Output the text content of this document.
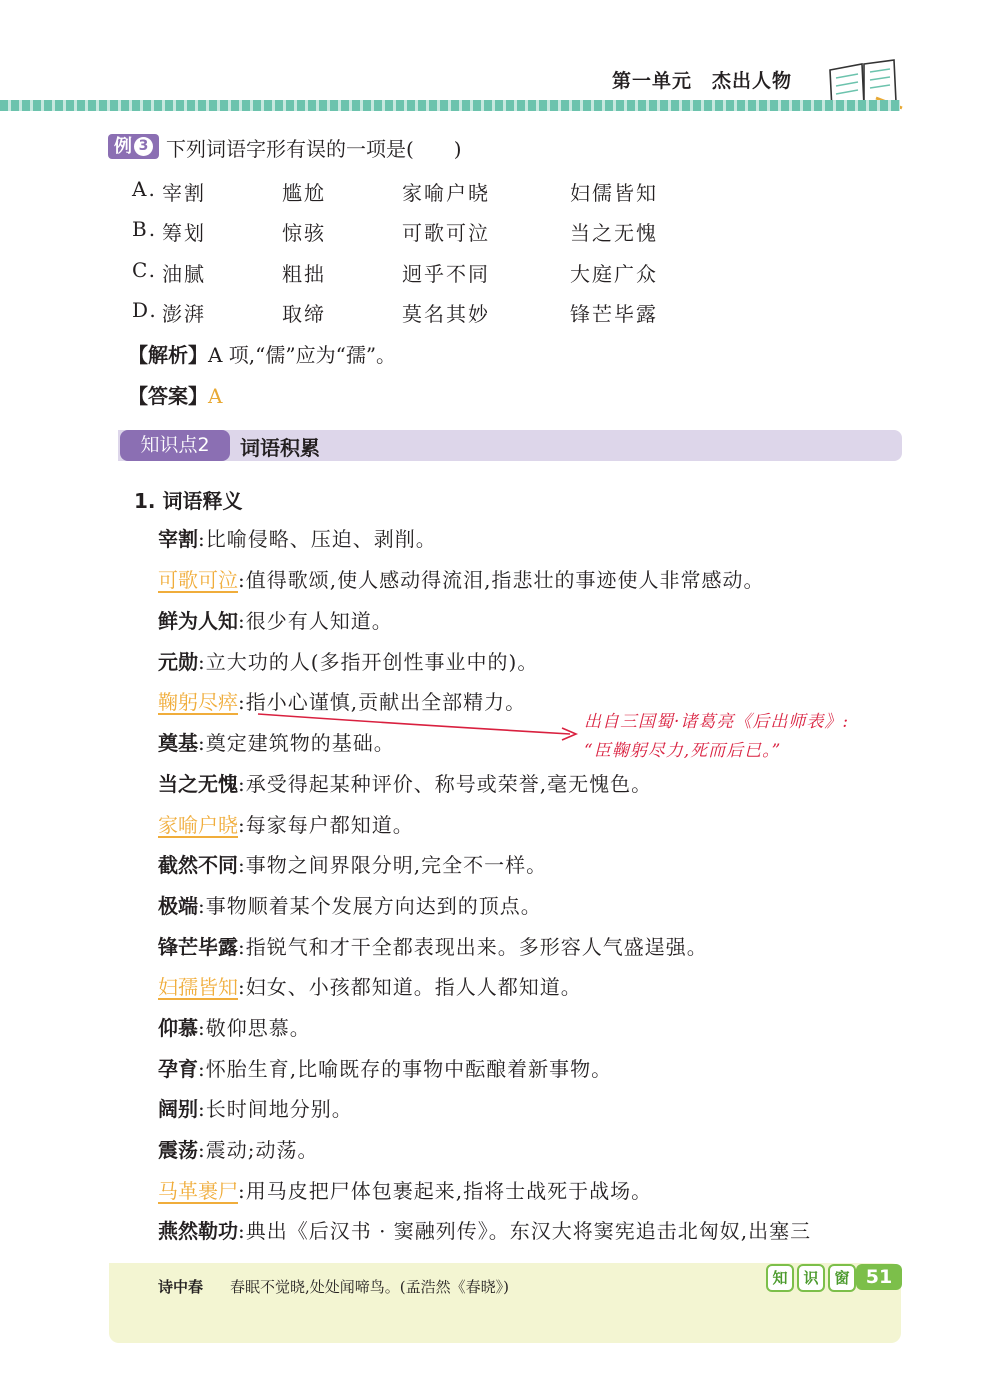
第一单元　 杰出人物
例 3 下列词语字形有误的一项是(　　)
A. 宰割	尴尬	家喻户晓	妇儒皆知
B. 筹划	惊骇	可歌可泣	当之无愧
C. 油腻	粗拙	迥乎不同	大庭广众
D. 澎湃	取缔	莫名其妙	锋芒毕露
【解析】A 项,“儒”应为“孺”。
【答案】A
知识点2	词语积累
1. 词语释义
宰割:比喻侵略、压迫、剥削。
可歌可泣:值得歌颂,使人感动得流泪,指悲壮的事迹使人非常感动。
鲜为人知:很少有人知道。
元勋:立大功的人(多指开创性事业中的)。
鞠躬尽瘁:指小心谨慎,贡献出全部精力。
奠基:奠定建筑物的基础。
当之无愧:承受得起某种评价、称号或荣誉,毫无愧色。
家喻户晓:每家每户都知道。
截然不同:事物之间界限分明,完全不一样。
极端:事物顺着某个发展方向达到的顶点。
锋芒毕露:指锐气和才干全都表现出来。多形容人气盛逞强。
妇孺皆知:妇女、小孩都知道。指人人都知道。
仰慕:敬仰思慕。
孕育:怀胎生育,比喻既存的事物中酝酿着新事物。
阔别:长时间地分别。
震荡:震动;动荡。
马革裹尸:用马皮把尸体包裹起来,指将士战死于战场。
燕然勒功:典出《后汉书 · 窦融列传》。东汉大将窦宪追击北匈奴,出塞三
出自三国蜀·诸葛亮《后出师表》:
“臣鞠躬尽力,死而后已。”
诗中春 春眠不觉晓,处处闻啼鸟。(孟浩然《春晓》)	知	识	窗 51
